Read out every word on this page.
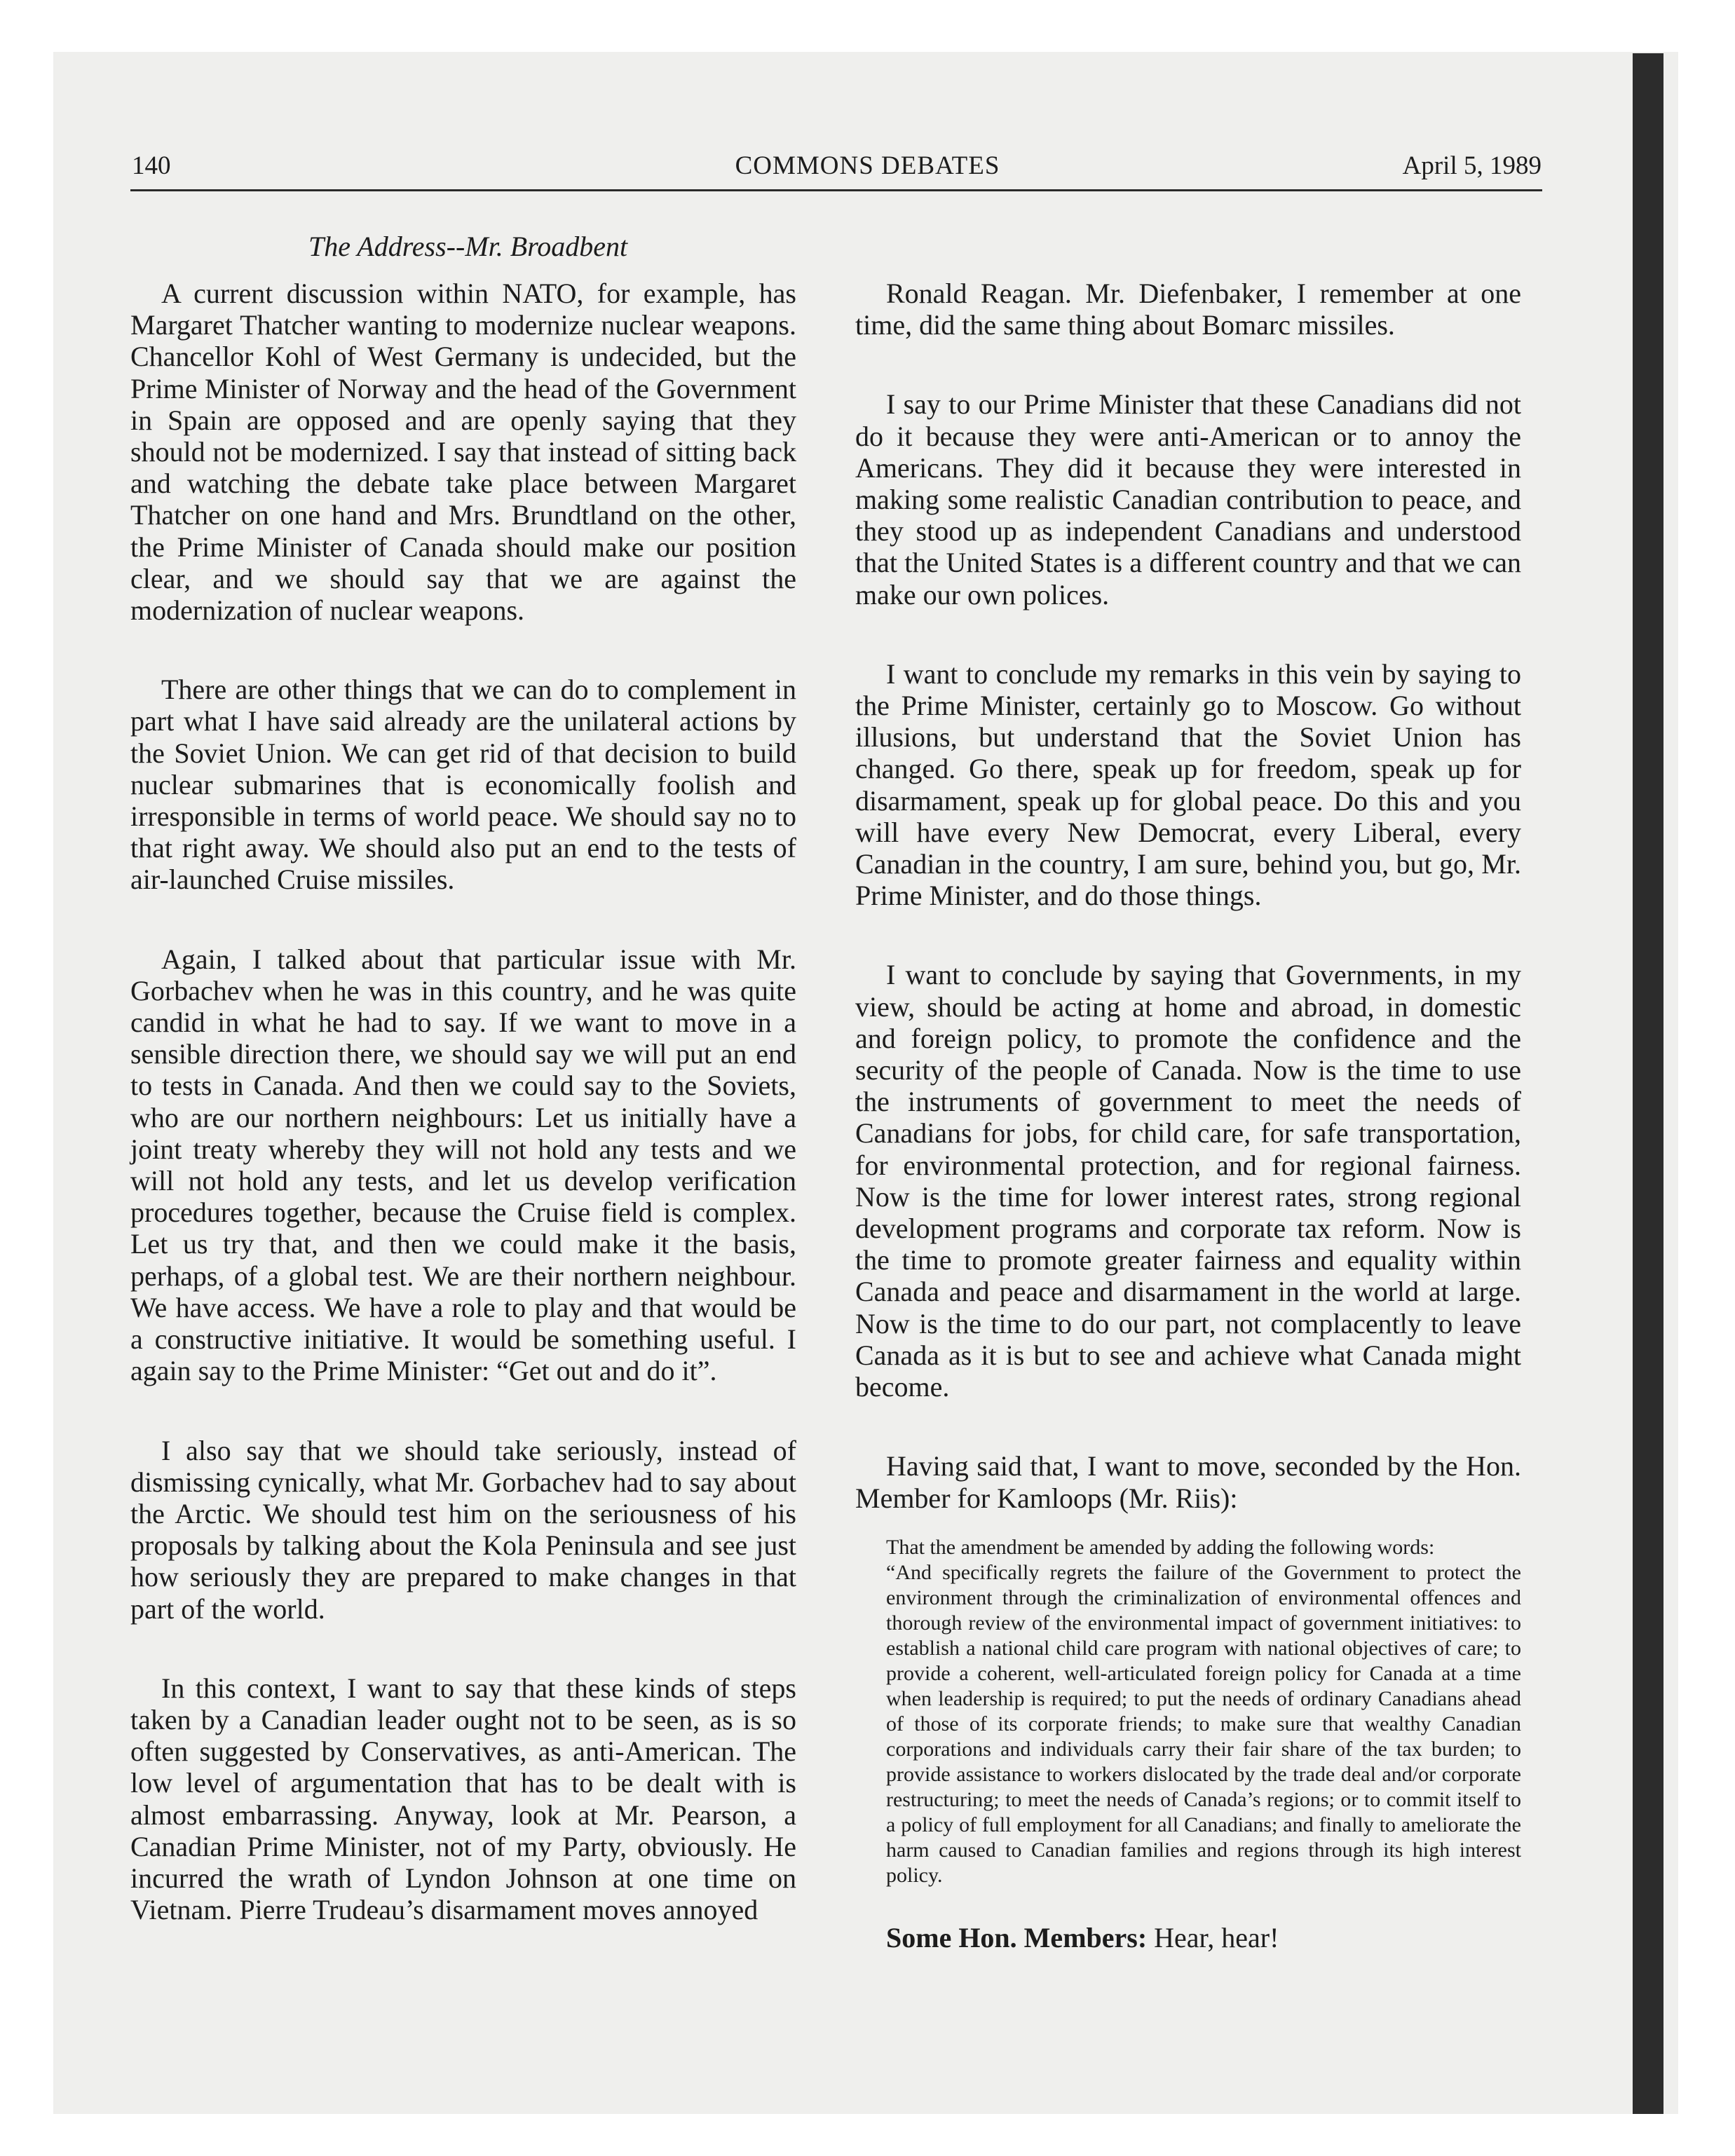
140	COMMONS DEBATES	April 5, 1989
The Address--Mr. Broadbent

A current discussion within NATO, for example, has Margaret Thatcher wanting to modernize nuclear weapons. Chancellor Kohl of West Germany is undecided, but the Prime Minister of Norway and the head of the Government in Spain are opposed and are openly saying that they should not be modernized. I say that instead of sitting back and watching the debate take place between Margaret Thatcher on one hand and Mrs. Brundtland on the other, the Prime Minister of Canada should make our position clear, and we should say that we are against the modernization of nuclear weapons.

There are other things that we can do to complement in part what I have said already are the unilateral actions by the Soviet Union. We can get rid of that decision to build nuclear submarines that is economically foolish and irresponsible in terms of world peace. We should say no to that right away. We should also put an end to the tests of air-launched Cruise missiles.

Again, I talked about that particular issue with Mr. Gorbachev when he was in this country, and he was quite candid in what he had to say. If we want to move in a sensible direction there, we should say we will put an end to tests in Canada. And then we could say to the Soviets, who are our northern neighbours: Let us initially have a joint treaty whereby they will not hold any tests and we will not hold any tests, and let us develop verification procedures together, because the Cruise field is complex. Let us try that, and then we could make it the basis, perhaps, of a global test. We are their northern neighbour. We have access. We have a role to play and that would be a constructive initiative. It would be something useful. I again say to the Prime Minister: “Get out and do it”.

I also say that we should take seriously, instead of dismissing cynically, what Mr. Gorbachev had to say about the Arctic. We should test him on the seriousness of his proposals by talking about the Kola Peninsula and see just how seriously they are prepared to make changes in that part of the world.

In this context, I want to say that these kinds of steps taken by a Canadian leader ought not to be seen, as is so often suggested by Conservatives, as anti-American. The low level of argumentation that has to be dealt with is almost embarrassing. Anyway, look at Mr. Pearson, a Canadian Prime Minister, not of my Party, obviously. He incurred the wrath of Lyndon Johnson at one time on Vietnam. Pierre Trudeau’s disarmament moves annoyed

Ronald Reagan. Mr. Diefenbaker, I remember at one time, did the same thing about Bomarc missiles.

I say to our Prime Minister that these Canadians did not do it because they were anti-American or to annoy the Americans. They did it because they were interested in making some realistic Canadian contribution to peace, and they stood up as independent Canadians and understood that the United States is a different country and that we can make our own polices.

I want to conclude my remarks in this vein by saying to the Prime Minister, certainly go to Moscow. Go without illusions, but understand that the Soviet Union has changed. Go there, speak up for freedom, speak up for disarmament, speak up for global peace. Do this and you will have every New Democrat, every Liberal, every Canadian in the country, I am sure, behind you, but go, Mr. Prime Minister, and do those things.

I want to conclude by saying that Governments, in my view, should be acting at home and abroad, in domestic and foreign policy, to promote the confidence and the security of the people of Canada. Now is the time to use the instruments of government to meet the needs of Canadians for jobs, for child care, for safe transportation, for environmental protection, and for regional fairness. Now is the time for lower interest rates, strong regional development programs and corporate tax reform. Now is the time to promote greater fairness and equality within Canada and peace and disarmament in the world at large. Now is the time to do our part, not complacently to leave Canada as it is but to see and achieve what Canada might become.

Having said that, I want to move, seconded by the Hon. Member for Kamloops (Mr. Riis):

That the amendment be amended by adding the following words:

“And specifically regrets the failure of the Government to protect the environment through the criminalization of environmental offences and thorough review of the environmental impact of government initiatives: to establish a national child care program with national objectives of care; to provide a coherent, well-articulated foreign policy for Canada at a time when leadership is required; to put the needs of ordinary Canadians ahead of those of its corporate friends; to make sure that wealthy Canadian corporations and individuals carry their fair share of the tax burden; to provide assistance to workers dislocated by the trade deal and/or corporate restructuring; to meet the needs of Canada’s regions; or to commit itself to a policy of full employment for all Canadians; and finally to ameliorate the harm caused to Canadian families and regions through its high interest policy.

Some Hon. Members: Hear, hear!
